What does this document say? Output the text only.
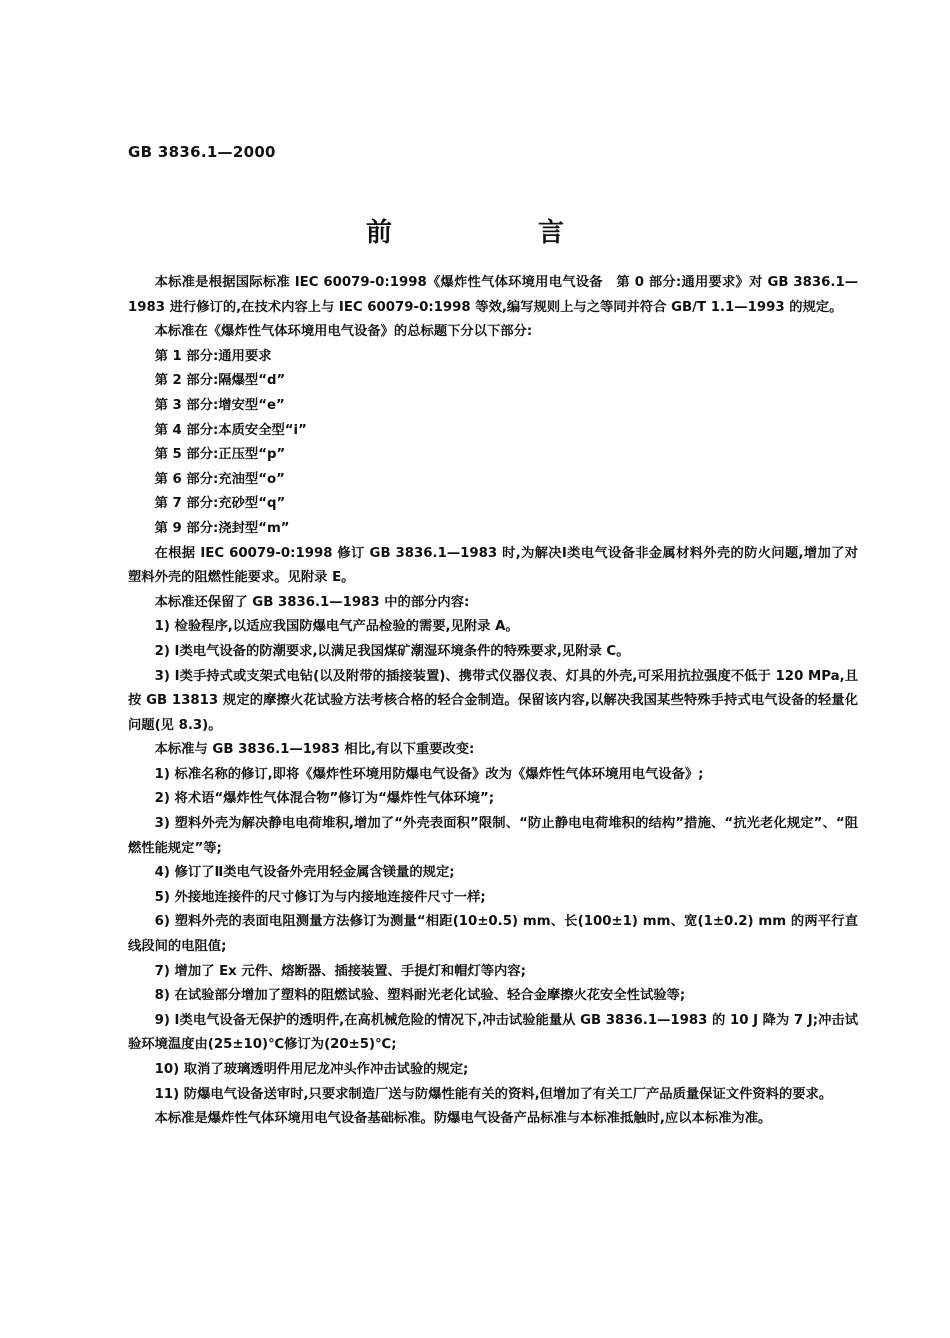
GB 3836.1—2000
前　言

本标准是根据国际标准 IEC 60079-0:1998《爆炸性气体环境用电气设备　第 0 部分:通用要求》对 GB 3836.1—1983 进行修订的,在技术内容上与 IEC 60079-0:1998 等效,编写规则上与之等同并符合 GB/T 1.1—1993 的规定。

本标准在《爆炸性气体环境用电气设备》的总标题下分以下部分:

第 1 部分:通用要求

第 2 部分:隔爆型“d”

第 3 部分:增安型“e”

第 4 部分:本质安全型“i”

第 5 部分:正压型“p”

第 6 部分:充油型“o”

第 7 部分:充砂型“q”

第 9 部分:浇封型“m”

在根据 IEC 60079-0:1998 修订 GB 3836.1—1983 时,为解决Ⅰ类电气设备非金属材料外壳的防火问题,增加了对塑料外壳的阻燃性能要求。见附录 E。

本标准还保留了 GB 3836.1—1983 中的部分内容:

1) 检验程序,以适应我国防爆电气产品检验的需要,见附录 A。

2) Ⅰ类电气设备的防潮要求,以满足我国煤矿潮湿环境条件的特殊要求,见附录 C。

3) Ⅰ类手持式或支架式电钻(以及附带的插接装置)、携带式仪器仪表、灯具的外壳,可采用抗拉强度不低于 120 MPa,且按 GB 13813 规定的摩擦火花试验方法考核合格的轻合金制造。保留该内容,以解决我国某些特殊手持式电气设备的轻量化问题(见 8.3)。

本标准与 GB 3836.1—1983 相比,有以下重要改变:

1) 标准名称的修订,即将《爆炸性环境用防爆电气设备》改为《爆炸性气体环境用电气设备》;

2) 将术语“爆炸性气体混合物”修订为“爆炸性气体环境”;

3) 塑料外壳为解决静电电荷堆积,增加了“外壳表面积”限制、“防止静电电荷堆积的结构”措施、“抗光老化规定”、“阻燃性能规定”等;

4) 修订了Ⅱ类电气设备外壳用轻金属含镁量的规定;

5) 外接地连接件的尺寸修订为与内接地连接件尺寸一样;

6) 塑料外壳的表面电阻测量方法修订为测量“相距(10±0.5) mm、长(100±1) mm、宽(1±0.2) mm 的两平行直线段间的电阻值;

7) 增加了 Ex 元件、熔断器、插接装置、手提灯和帽灯等内容;

8) 在试验部分增加了塑料的阻燃试验、塑料耐光老化试验、轻合金摩擦火花安全性试验等;

9) Ⅰ类电气设备无保护的透明件,在高机械危险的情况下,冲击试验能量从 GB 3836.1—1983 的 10 J 降为 7 J;冲击试验环境温度由(25±10)℃修订为(20±5)℃;

10) 取消了玻璃透明件用尼龙冲头作冲击试验的规定;

11) 防爆电气设备送审时,只要求制造厂送与防爆性能有关的资料,但增加了有关工厂产品质量保证文件资料的要求。

本标准是爆炸性气体环境用电气设备基础标准。防爆电气设备产品标准与本标准抵触时,应以本标准为准。
